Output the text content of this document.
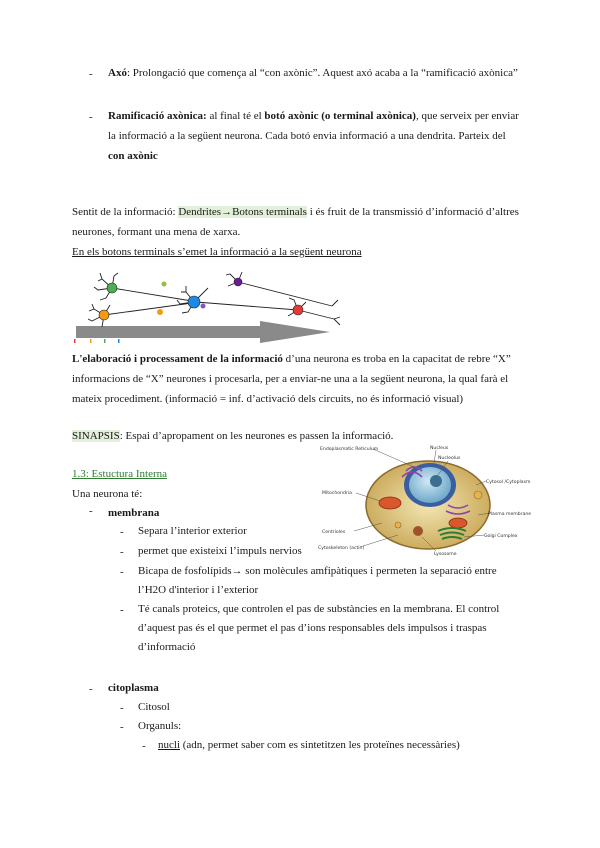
- Axó: Prolongació que comença al “con axònic”. Aquest axó acaba a la “ramificació axònica”
- Ramificació axònica: al final té el botó axònic (o terminal axònica), que serveix per enviar
la informació a la següent neurona. Cada botó envia informació a una dendrita. Parteix del
con axònic
Sentit de la informació: Dendrites→Botons terminals i és fruit de la transmissió d’informació d’altres
neurones, formant una mena de xarxa.
En els botons terminals s’emet la informació a la següent neurona
L'elaboració i processament de la informació d’una neurona es troba en la capacitat de rebre “X”
informacions de “X” neurones i procesarla, per a enviar-ne una a la següent neurona, la qual farà el
mateix procediment. (informació = inf. d’activació dels circuits, no és informació visual)
SINAPSIS: Espai d’apropament on les neurones es passen la informació.
1.3: Estuctura Interna
Una neurona té:
- membrana
- Separa l’interior exterior
- permet que existeixi l’impuls nervios
- Bicapa de fosfolípids→ son molècules amfipàtiques i permeten la separació entre
l’H2O d'interior i l’exterior
- Té canals proteics, que controlen el pas de substàncies en la membrana. El control
d’aquest pas és el que permet el pas d’ions responsables dels impulsos i traspas
d’informació
- citoplasma
- Citosol
- Organuls:
- nucli (adn, permet saber com es sintetitzen les proteïnes necessàries)
Endoplasmatic Reticulum	Nucleus
Nucleolus
Cytosol /Cytoplasm
Mitochondria
Plasma membrane
Centrioles
Golgi Complex
Cytoskeleton (actin)
Lysosome
